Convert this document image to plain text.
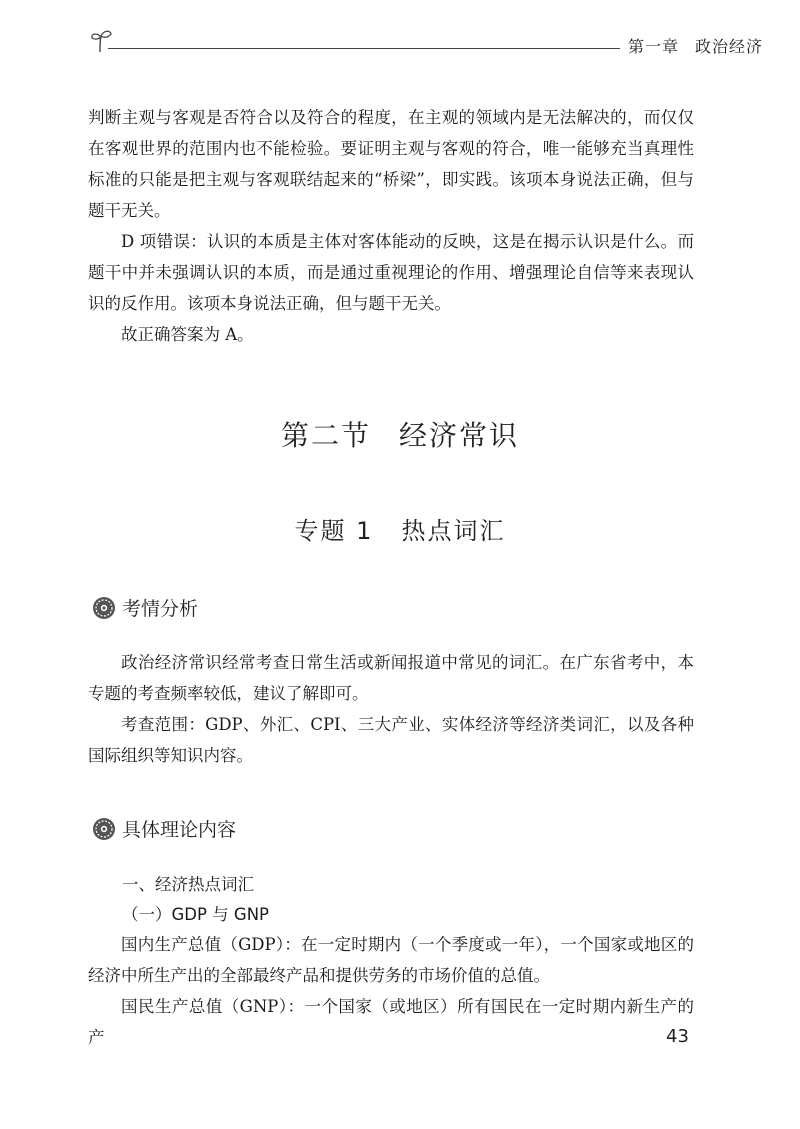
第一章 政治经济

判断主观与客观是否符合以及符合的程度，在主观的领域内是无法解决的，而仅仅在客观世界的范围内也不能检验。要证明主观与客观的符合，唯一能够充当真理性标准的只能是把主观与客观联结起来的“桥梁”，即实践。该项本身说法正确，但与题干无关。

D 项错误：认识的本质是主体对客体能动的反映，这是在揭示认识是什么。而题干中并未强调认识的本质，而是通过重视理论的作用、增强理论自信等来表现认识的反作用。该项本身说法正确，但与题干无关。

故正确答案为 A。

第二节 经济常识
专题 1 热点词汇
考情分析

政治经济常识经常考查日常生活或新闻报道中常见的词汇。在广东省考中，本专题的考查频率较低，建议了解即可。

考查范围：GDP、外汇、CPI、三大产业、实体经济等经济类词汇，以及各种国际组织等知识内容。

具体理论内容
一、经济热点词汇
（一）GDP 与 GNP

国内生产总值（GDP）：在一定时期内（一个季度或一年），一个国家或地区的经济中所生产出的全部最终产品和提供劳务的市场价值的总值。

国民生产总值（GNP）：一个国家（或地区）所有国民在一定时期内新生产的产	43
